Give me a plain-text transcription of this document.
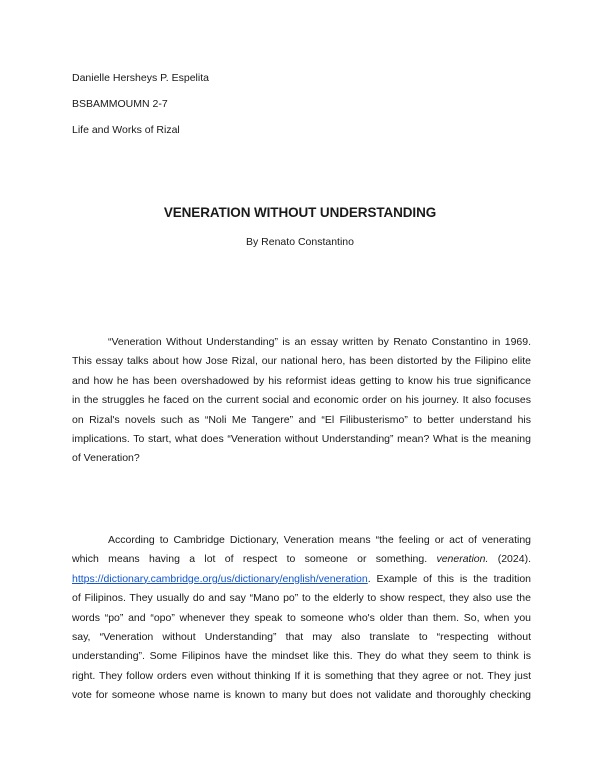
Danielle Hersheys P. Espelita
BSBAMMOUMN 2-7
Life and Works of Rizal
VENERATION WITHOUT UNDERSTANDING
By Renato Constantino
“Veneration Without Understanding” is an essay written by Renato Constantino in 1969.
This essay talks about how Jose Rizal, our national hero, has been distorted by the Filipino elite
and how he has been overshadowed by his reformist ideas getting to know his true significance
in the struggles he faced on the current social and economic order on his journey. It also focuses
on Rizal's novels such as “Noli Me Tangere” and “El Filibusterismo” to better understand his
implications. To start, what does “Veneration without Understanding” mean? What is the meaning
of Veneration?
According to Cambridge Dictionary, Veneration means “the feeling or act of venerating
which means having a lot of respect to someone or something. veneration. (2024).
https://dictionary.cambridge.org/us/dictionary/english/veneration. Example of this is the tradition
of Filipinos. They usually do and say “Mano po” to the elderly to show respect, they also use the
words “po” and “opo” whenever they speak to someone who's older than them. So, when you
say, “Veneration without Understanding” that may also translate to “respecting without
understanding”. Some Filipinos have the mindset like this. They do what they seem to think is
right. They follow orders even without thinking If it is something that they agree or not. They just
vote for someone whose name is known to many but does not validate and thoroughly checking
